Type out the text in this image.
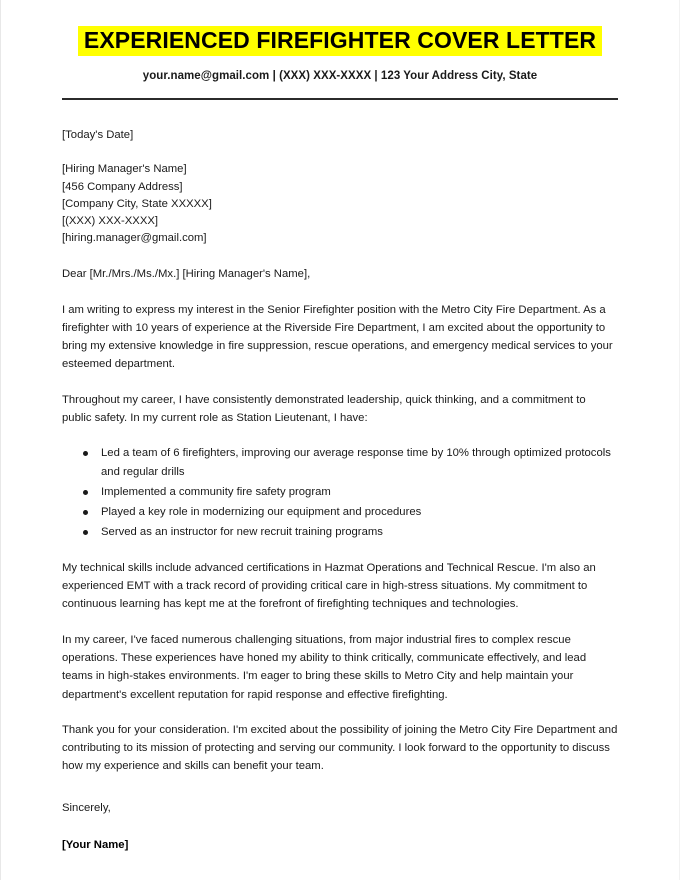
EXPERIENCED FIREFIGHTER COVER LETTER
your.name@gmail.com | (XXX) XXX-XXXX | 123 Your Address City, State
[Today's Date]
[Hiring Manager's Name]
[456 Company Address]
[Company City, State XXXXX]
[(XXX) XXX-XXXX]
[hiring.manager@gmail.com]
Dear [Mr./Mrs./Ms./Mx.] [Hiring Manager's Name],

I am writing to express my interest in the Senior Firefighter position with the Metro City Fire Department. As a firefighter with 10 years of experience at the Riverside Fire Department, I am excited about the opportunity to bring my extensive knowledge in fire suppression, rescue operations, and emergency medical services to your esteemed department.

Throughout my career, I have consistently demonstrated leadership, quick thinking, and a commitment to public safety. In my current role as Station Lieutenant, I have:

Led a team of 6 firefighters, improving our average response time by 10% through optimized protocols and regular drills
Implemented a community fire safety program
Played a key role in modernizing our equipment and procedures
Served as an instructor for new recruit training programs

My technical skills include advanced certifications in Hazmat Operations and Technical Rescue. I'm also an experienced EMT with a track record of providing critical care in high-stress situations. My commitment to continuous learning has kept me at the forefront of firefighting techniques and technologies.

In my career, I've faced numerous challenging situations, from major industrial fires to complex rescue operations. These experiences have honed my ability to think critically, communicate effectively, and lead teams in high-stakes environments. I'm eager to bring these skills to Metro City and help maintain your department's excellent reputation for rapid response and effective firefighting.

Thank you for your consideration. I'm excited about the possibility of joining the Metro City Fire Department and contributing to its mission of protecting and serving our community. I look forward to the opportunity to discuss how my experience and skills can benefit your team.

Sincerely,
[Your Name]
